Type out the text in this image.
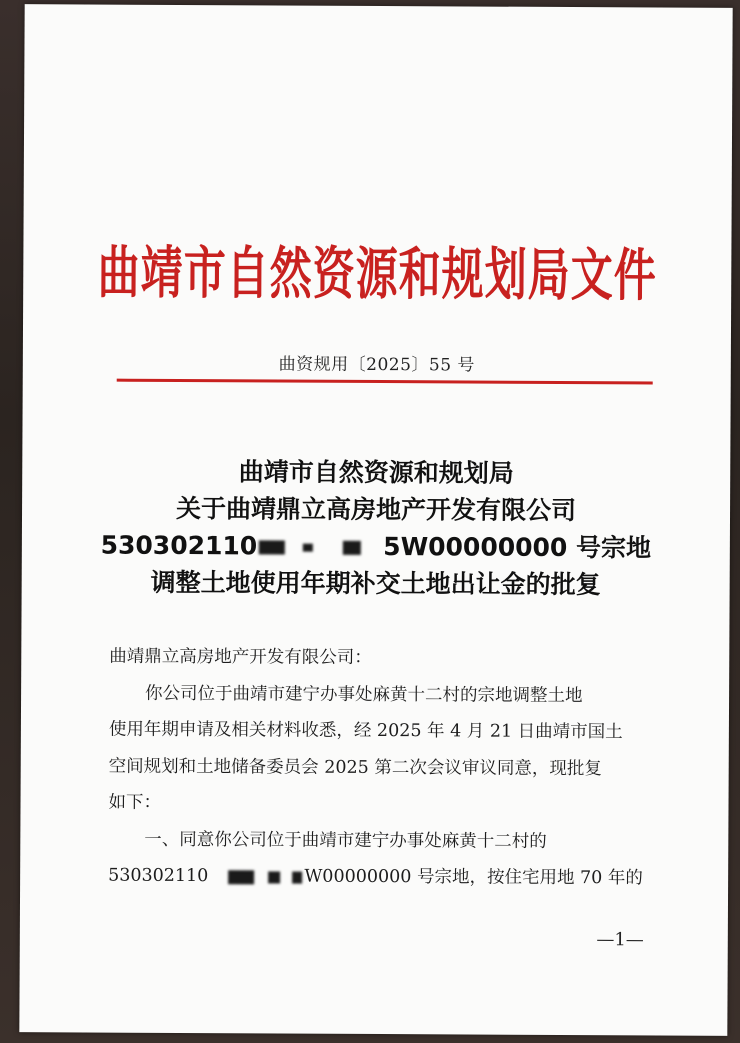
曲靖市自然资源和规划局文件
曲资规用〔2025〕55 号
曲靖市自然资源和规划局
关于曲靖鼎立高房地产开发有限公司
530302110	5W00000000 号宗地
调整土地使用年期补交土地出让金的批复
曲靖鼎立高房地产开发有限公司：
你公司位于曲靖市建宁办事处麻黄十二村的宗地调整土地
使用年期申请及相关材料收悉，经 2025 年 4 月 21 日曲靖市国土
空间规划和土地储备委员会 2025 第二次会议审议同意，现批复
如下：
一、同意你公司位于曲靖市建宁办事处麻黄十二村的
530302110	W00000000 号宗地，按住宅用地 70 年的
—1—
